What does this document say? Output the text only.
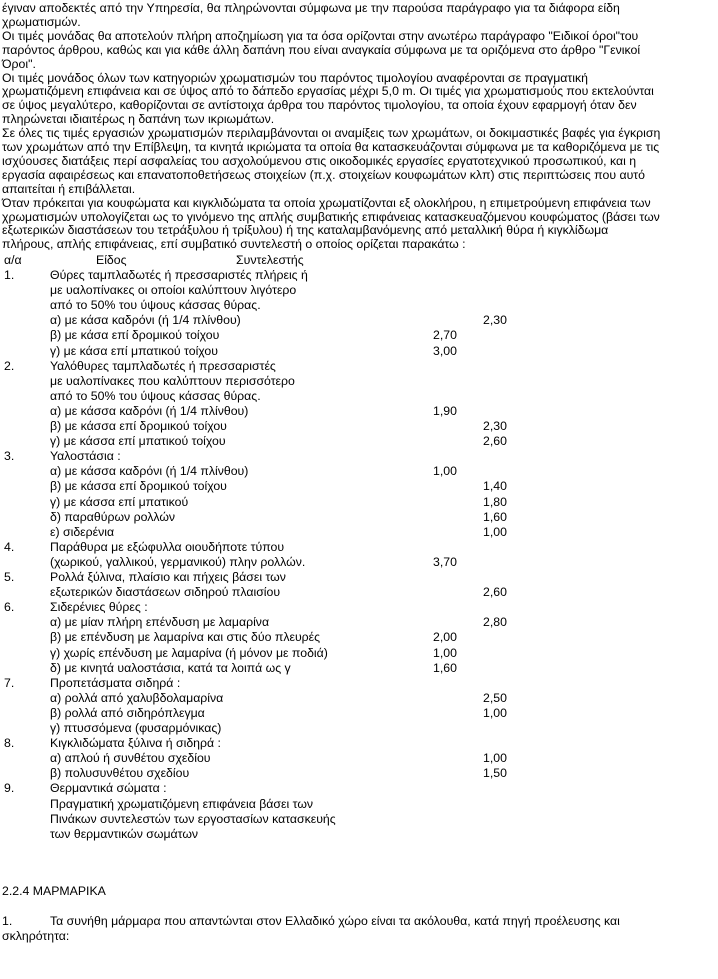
έγιναν αποδεκτές από την Υπηρεσία, θα πληρώνονται σύμφωνα με την παρούσα παράγραφο για τα διάφορα είδη
χρωματισμών.
Οι τιμές μονάδας θα αποτελούν πλήρη αποζημίωση για τα όσα ορίζονται στην ανωτέρω παράγραφο "Ειδικοί όροι"του
παρόντος άρθρου, καθώς και για κάθε άλλη δαπάνη που είναι αναγκαία σύμφωνα με τα οριζόμενα στο άρθρο "Γενικοί
Όροι".
Οι τιμές μονάδος όλων των κατηγοριών χρωματισμών του παρόντος τιμολογίου αναφέρονται σε πραγματική
χρωματιζόμενη επιφάνεια και σε ύψος από το δάπεδο εργασίας μέχρι 5,0 m. Οι τιμές για χρωματισμούς που εκτελούνται
σε ύψος μεγαλύτερο, καθορίζονται σε αντίστοιχα άρθρα του παρόντος τιμολογίου, τα οποία έχουν εφαρμογή όταν δεν
πληρώνεται ιδιαιτέρως η δαπάνη των ικριωμάτων.
Σε όλες τις τιμές εργασιών χρωματισμών περιλαμβάνονται οι αναμίξεις των χρωμάτων, οι δοκιμαστικές βαφές για έγκριση
των χρωμάτων από την Επίβλεψη, τα κινητά ικριώματα τα οποία θα κατασκευάζονται σύμφωνα με τα καθοριζόμενα με τις
ισχύουσες διατάξεις περί ασφαλείας του ασχολούμενου στις οικοδομικές εργασίες εργατοτεχνικού προσωπικού, και η
εργασία αφαιρέσεως και επανατοποθετήσεως στοιχείων (π.χ. στοιχείων κουφωμάτων κλπ) στις περιπτώσεις που αυτό
απαιτείται ή επιβάλλεται.
Όταν πρόκειται για κουφώματα και κιγκλιδώματα τα οποία χρωματίζονται εξ ολοκλήρου, η επιμετρούμενη επιφάνεια των
χρωματισμών υπολογίζεται ως το γινόμενο της απλής συμβατικής επιφάνειας κατασκευαζόμενου κουφώματος (βάσει των
εξωτερικών διαστάσεων του τετράξυλου ή τρίξυλου) ή της καταλαμβανόμενης από μεταλλική θύρα ή κιγκλίδωμα
πλήρους, απλής επιφάνειας, επί συμβατικό συντελεστή ο οποίος ορίζεται παρακάτω :
α/α	Είδος	Συντελεστής
1.	Θύρες ταμπλαδωτές ή πρεσσαριστές πλήρεις ή
με υαλοπίνακες οι οποίοι καλύπτουν λιγότερο
από το 50% του ύψους κάσσας θύρας.
α) με κάσα καδρόνι (ή 1/4 πλίνθου)	2,30
β) με κάσα επί δρομικού τοίχου	2,70
γ) με κάσα επί μπατικού τοίχου	3,00
2.	Υαλόθυρες ταμπλαδωτές ή πρεσσαριστές
με υαλοπίνακες που καλύπτουν περισσότερο
από το 50% του ύψους κάσσας θύρας.
α) με κάσσα καδρόνι (ή 1/4 πλίνθου)	1,90
β) με κάσσα επί δρομικού τοίχου	2,30
γ) με κάσσα επί μπατικού τοίχου	2,60
3.	Υαλοστάσια :
α) με κάσσα καδρόνι (ή 1/4 πλίνθου)	1,00
β) με κάσσα επί δρομικού τοίχου	1,40
γ) με κάσσα επί μπατικού	1,80
δ) παραθύρων ρολλών	1,60
ε) σιδερένια	1,00
4.	Παράθυρα με εξώφυλλα οιουδήποτε τύπου
(χωρικού, γαλλικού, γερμανικού) πλην ρολλών.	3,70
5.	Ρολλά ξύλινα, πλαίσιο και πήχεις βάσει των
εξωτερικών διαστάσεων σιδηρού πλαισίου	2,60
6.	Σιδερένιες θύρες :
α) με μίαν πλήρη επένδυση με λαμαρίνα	2,80
β) με επένδυση με λαμαρίνα και στις δύο πλευρές	2,00
γ) χωρίς επένδυση με λαμαρίνα (ή μόνον με ποδιά)	1,00
δ) με κινητά υαλοστάσια, κατά τα λοιπά ως γ	1,60
7.	Προπετάσματα σιδηρά :
α) ρολλά από χαλυβδολαμαρίνα	2,50
β) ρολλά από σιδηρόπλεγμα	1,00
γ) πτυσσόμενα (φυσαρμόνικας)
8.	Κιγκλιδώματα ξύλινα ή σιδηρά :
α) απλού ή συνθέτου σχεδίου	1,00
β) πολυσυνθέτου σχεδίου	1,50
9.	Θερμαντικά σώματα :
Πραγματική χρωματιζόμενη επιφάνεια βάσει των
Πινάκων συντελεστών των εργοστασίων κατασκευής
των θερμαντικών σωμάτων
2.2.4 ΜΑΡΜΑΡΙΚΑ
1.	Τα συνήθη μάρμαρα που απαντώνται στον Ελλαδικό χώρο είναι τα ακόλουθα, κατά πηγή προέλευσης και
σκληρότητα:
